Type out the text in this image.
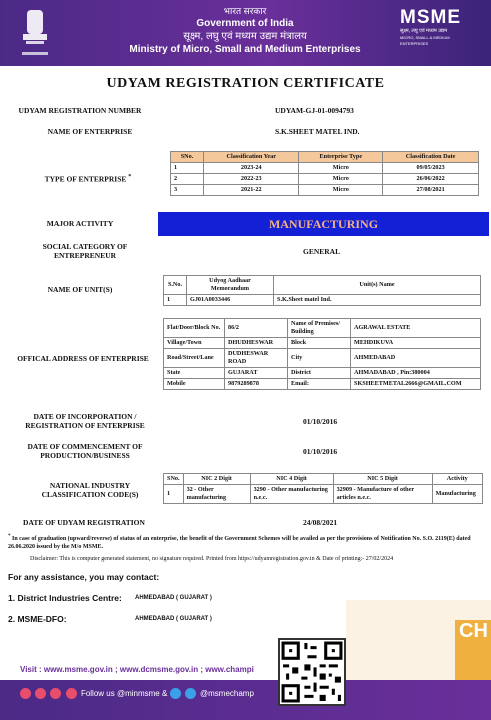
भारत सरकार
Government of India
सूक्ष्म, लघु एवं मध्यम उद्यम मंत्रालय
Ministry of Micro, Small and Medium Enterprises
MSME
सूक्ष्म, लघु एवं मध्यम उद्यम
MICRO, SMALL & MEDIUM ENTERPRISES
UDYAM REGISTRATION CERTIFICATE
UDYAM REGISTRATION NUMBER	UDYAM-GJ-01-0094793
NAME OF ENTERPRISE	S.K.SHEET MATEL IND.
TYPE OF ENTERPRISE *
SNo.	Classification Year	Enterprise Type	Classification Date
1	2023-24	Micro	09/05/2023
2	2022-23	Micro	26/06/2022
3	2021-22	Micro	27/08/2021
MAJOR ACTIVITY	MANUFACTURING
SOCIAL CATEGORY OF ENTREPRENEUR	GENERAL
NAME OF UNIT(S)
S.No.	Udyog Aadhaar Memorandum	Unit(s) Name
1	GJ01A0033446	S.K.Sheet matel Ind.
OFFICAL ADDRESS OF ENTERPRISE
Flat/Door/Block No.	86/2	Name of Premises/ Building	AGRAWAL ESTATE
Village/Town	DHUDHESWAR	Block	MEHDIKUVA
Road/Street/Lane	DUDHESWAR ROAD	City	AHMEDABAD
State	GUJARAT	District	AHMADABAD , Pin:380004
Mobile	9879289878	Email:	SKSHEETMETAL2666@GMAIL.COM
DATE OF INCORPORATION / REGISTRATION OF ENTERPRISE	01/10/2016
DATE OF COMMENCEMENT OF PRODUCTION/BUSINESS	01/10/2016
NATIONAL INDUSTRY CLASSIFICATION CODE(S)
SNo.	NIC 2 Digit	NIC 4 Digit	NIC 5 Digit	Activity
1	32 - Other manufacturing	3290 - Other manufacturing n.e.c.	32909 - Manufacture of other articles n.e.c.	Manufacturing
DATE OF UDYAM REGISTRATION	24/08/2021
* In case of graduation (upward/reverse) of status of an enterprise, the benefit of the Government Schemes will be availed as per the provisions of Notification No. S.O. 2119(E) dated 26.06.2020 issued by the M/o MSME.
Disclaimer: This is computer generated statement, no signature required. Printed from https://udyamregistration.gov.in & Date of printing:- 27/02/2024
For any assistance, you may contact:
1. District Industries Centre: AHMEDABAD ( GUJARAT )
2. MSME-DFO:	AHMEDABAD ( GUJARAT )
CH
Visit : www.msme.gov.in ; www.dcmsme.gov.in ; www.champi
Follow us @minmsme &	@msmechamp
